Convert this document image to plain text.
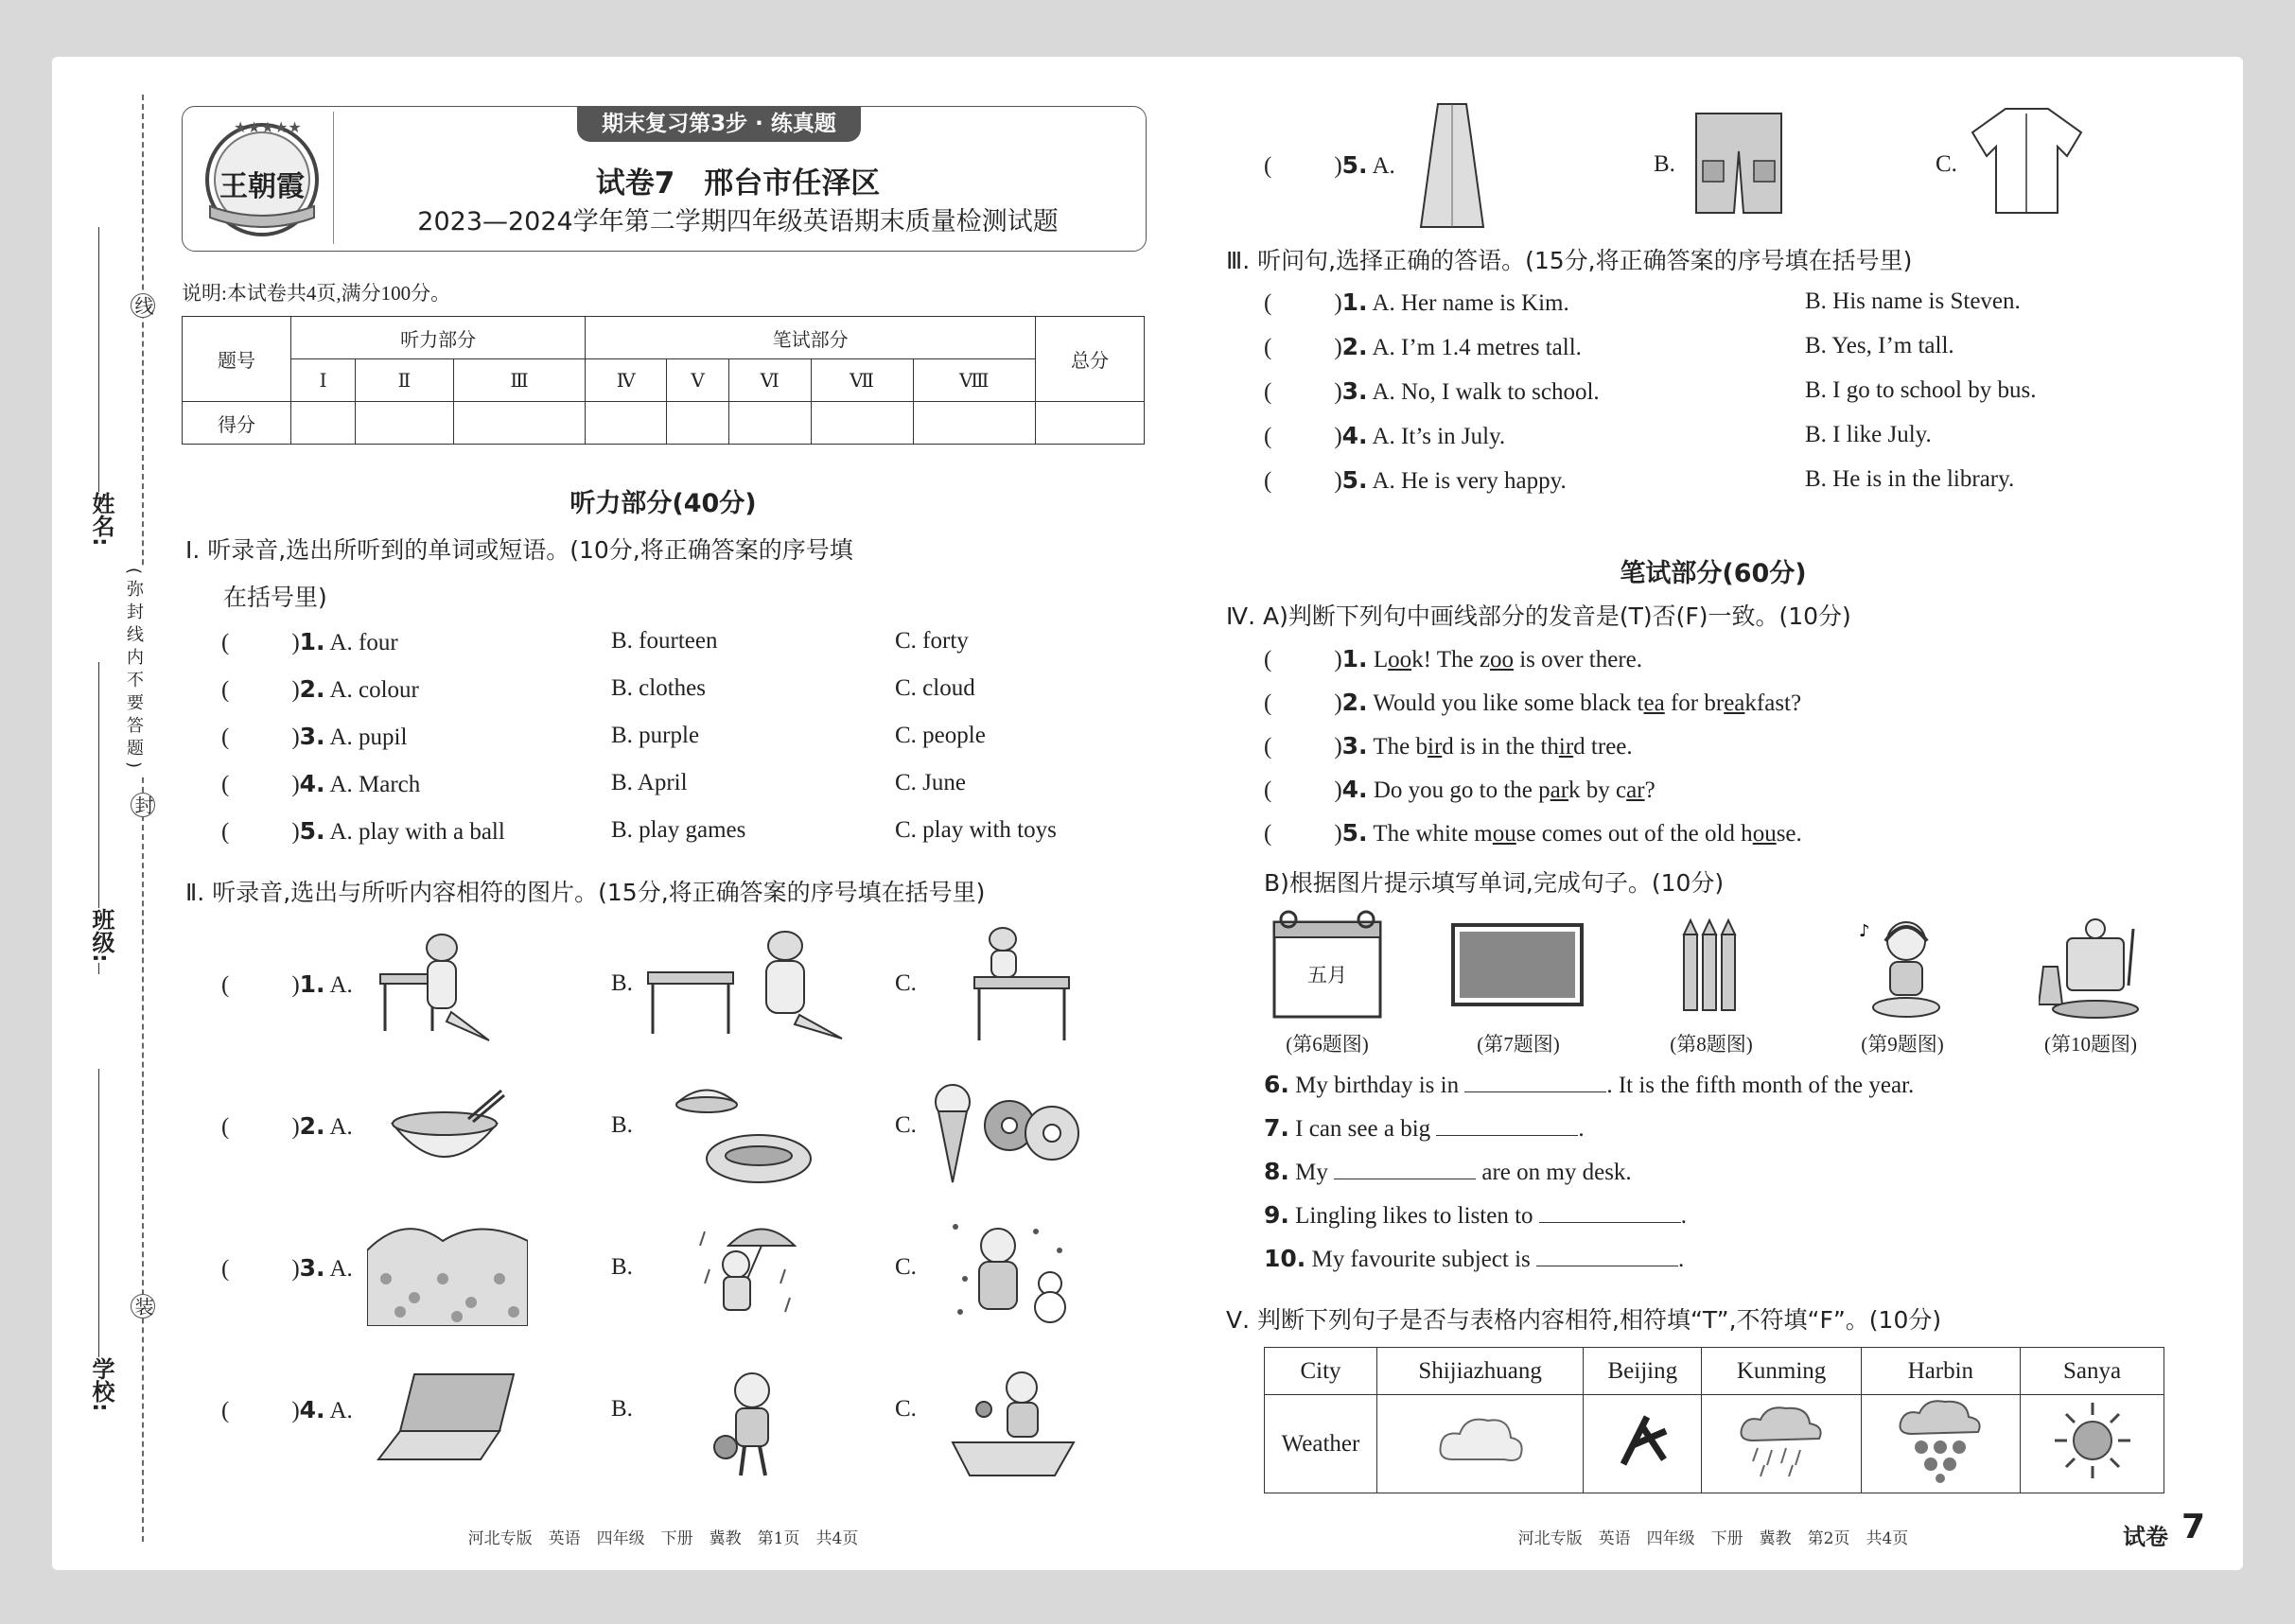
线
封
装
(弥封线内不要答题)
姓名:
班级:
学校:
★★★★★
王朝霞
期末复习第3步 · 练真题
试卷7　邢台市任泽区
2023—2024学年第二学期四年级英语期末质量检测试题
说明:本试卷共4页,满分100分。
题号	听力部分			笔试部分					总分
	Ⅰ	Ⅱ	Ⅲ	Ⅳ	Ⅴ	Ⅵ	Ⅶ	Ⅷ	
得分									
听力部分(40分)
Ⅰ. 听录音,选出所听到的单词或短语。(10分,将正确答案的序号填
在括号里)
(	)1. A. four	B. fourteen	C. forty
(	)2. A. colour	B. clothes	C. cloud
(	)3. A. pupil	B. purple	C. people
(	)4. A. March	B. April	C. June
(	)5. A. play with a ball	B. play games	C. play with toys
Ⅱ. 听录音,选出与所听内容相符的图片。(15分,将正确答案的序号填在括号里)
(	)1. A.	B.	C.
(	)2. A.	B.	C.
(	)3. A.	B.	C.
(	)4. A.	B.	C.
(	)5. A.	B.	C.
Ⅲ. 听问句,选择正确的答语。(15分,将正确答案的序号填在括号里)
(	)1. A. Her name is Kim.	B. His name is Steven.
(	)2. A. I’m 1.4 metres tall.	B. Yes, I’m tall.
(	)3. A. No, I walk to school.	B. I go to school by bus.
(	)4. A. It’s in July.	B. I like July.
(	)5. A. He is very happy.	B. He is in the library.
笔试部分(60分)
Ⅳ. A)判断下列句中画线部分的发音是(T)否(F)一致。(10分)
(	)1. Look! The zoo is over there.
(	)2. Would you like some black tea for breakfast?
(	)3. The bird is in the third tree.
(	)4. Do you go to the park by car?
(	)5. The white mouse comes out of the old house.
B)根据图片提示填写单词,完成句子。(10分)
五月
♪
(第6题图)	(第7题图)	(第8题图)	(第9题图)	(第10题图)
6. My birthday is in	. It is the fifth month of the year.
7. I can see a big	.
8. My	are on my desk.
9. Lingling likes to listen to	.
10. My favourite subject is	.
Ⅴ. 判断下列句子是否与表格内容相符,相符填“T”,不符填“F”。(10分)
City	Shijiazhuang	Beijing	Kunming	Harbin	Sanya
Weather					
河北专版　英语　四年级　下册　冀教　第1页　共4页	河北专版　英语　四年级　下册　冀教　第2页　共4页	试卷 7
